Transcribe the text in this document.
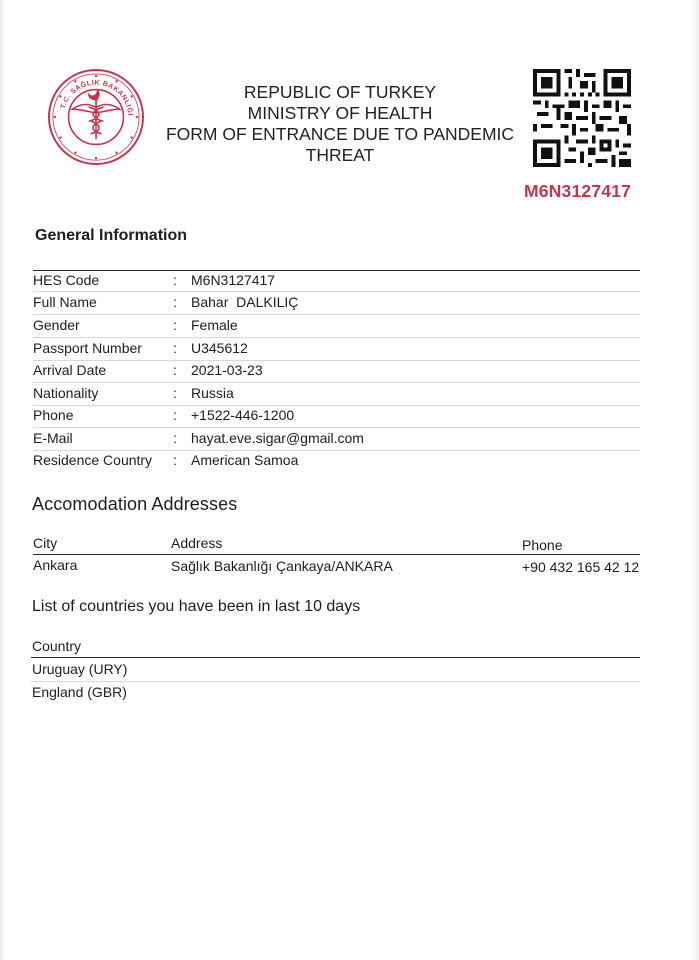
T.C. SAĞLIK BAKANLIĞI
REPUBLIC OF TURKEY
MINISTRY OF HEALTH
FORM OF ENTRANCE DUE TO PANDEMIC
THREAT
M6N3127417
General Information
HES Code	: M6N3127417
Full Name	: Bahar  DALKILIÇ
Gender	: Female
Passport Number : U345612
Arrival Date	: 2021-03-23
Nationality	: Russia
Phone	: +1522-446-1200
E-Mail	: hayat.eve.sigar@gmail.com
Residence Country : American Samoa
Accomodation Addresses
City	Address	Phone
Ankara	Sağlık Bakanlığı Çankaya/ANKARA	+90 432 165 42 12
List of countries you have been in last 10 days
Country
Uruguay (URY)
England (GBR)
